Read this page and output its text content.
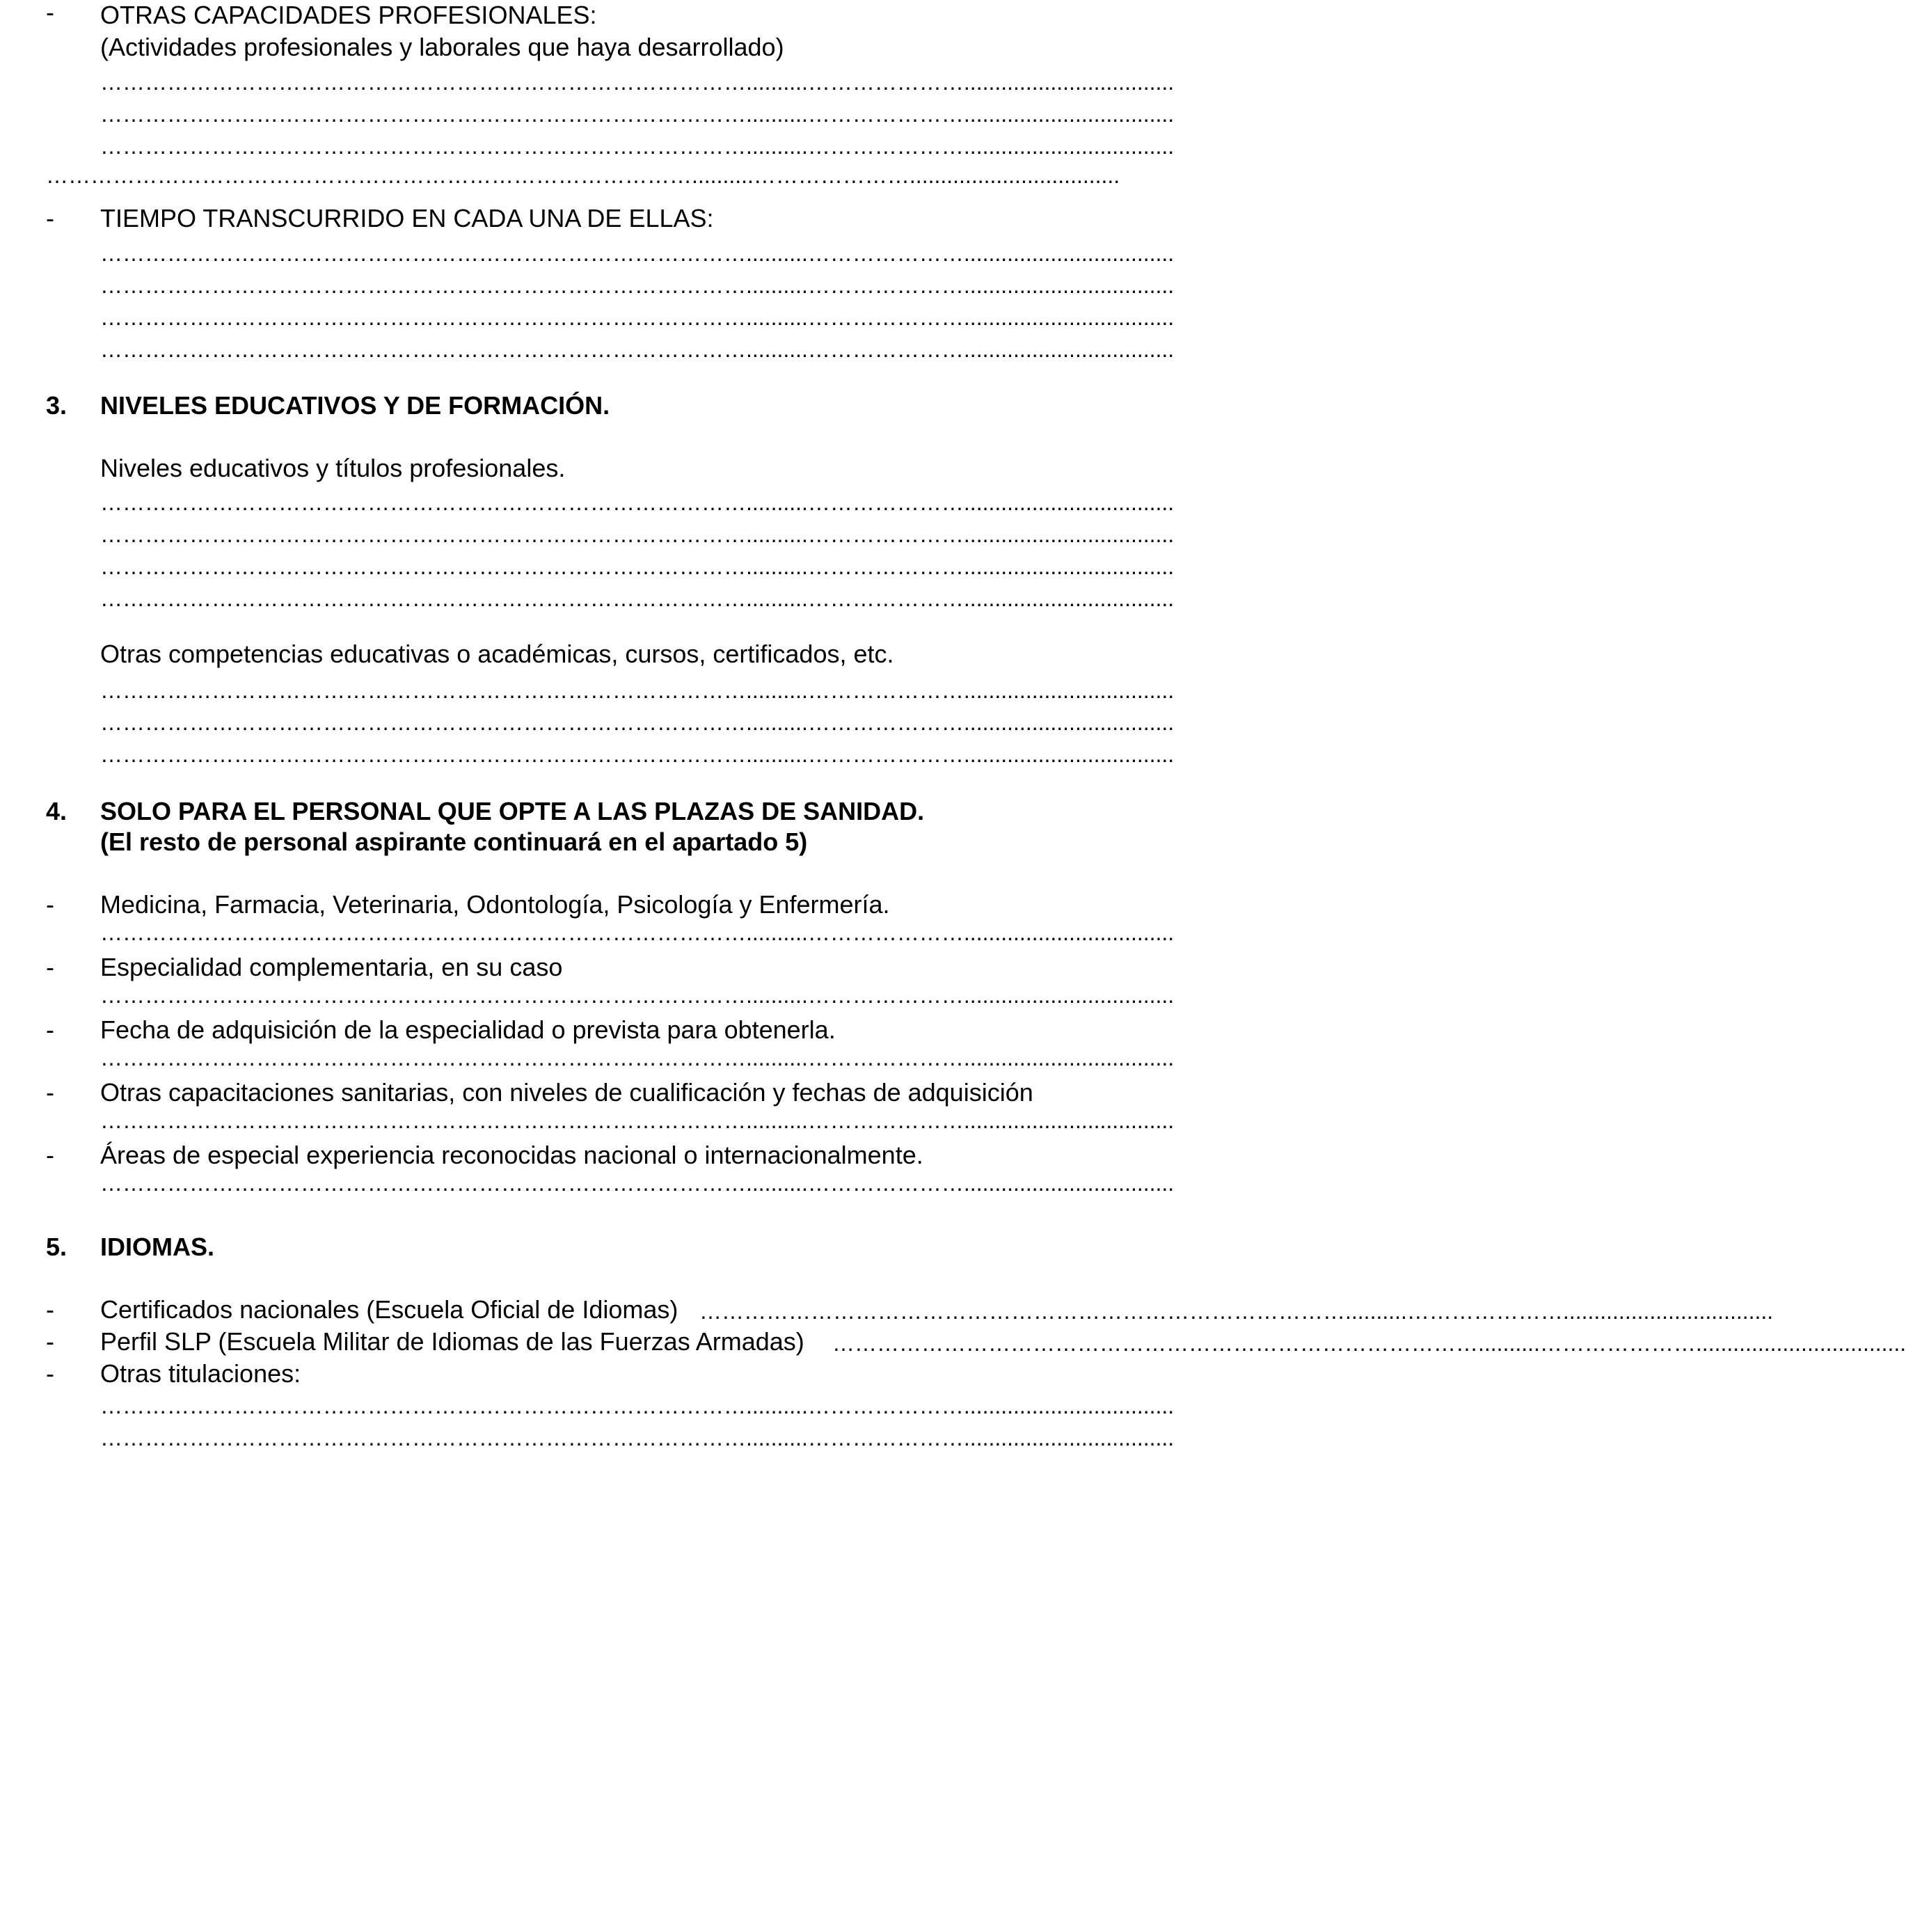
- OTRAS CAPACIDADES PROFESIONALES:
(Actividades profesionales y laborales que haya desarrollado)
……………………………………………………………………………..........…………………..................................
……………………………………………………………………………..........…………………..................................
……………………………………………………………………………..........…………………..................................
……………………………………………………………………………..........…………………..................................
- TIEMPO TRANSCURRIDO EN CADA UNA DE ELLAS:
……………………………………………………………………………..........…………………..................................
……………………………………………………………………………..........…………………..................................
……………………………………………………………………………..........…………………..................................
……………………………………………………………………………..........…………………..................................
3. NIVELES EDUCATIVOS Y DE FORMACIÓN.
Niveles educativos y títulos profesionales.
……………………………………………………………………………..........…………………..................................
……………………………………………………………………………..........…………………..................................
……………………………………………………………………………..........…………………..................................
……………………………………………………………………………..........…………………..................................
Otras competencias educativas o académicas, cursos, certificados, etc.
……………………………………………………………………………..........…………………..................................
……………………………………………………………………………..........…………………..................................
……………………………………………………………………………..........…………………..................................
4. SOLO PARA EL PERSONAL QUE OPTE A LAS PLAZAS DE SANIDAD.
(El resto de personal aspirante continuará en el apartado 5)
- Medicina, Farmacia, Veterinaria, Odontología, Psicología y Enfermería.
……………………………………………………………………………..........…………………..................................
- Especialidad complementaria, en su caso
……………………………………………………………………………..........…………………..................................
- Fecha de adquisición de la especialidad o prevista para obtenerla.
……………………………………………………………………………..........…………………..................................
- Otras capacitaciones sanitarias, con niveles de cualificación y fechas de adquisición
……………………………………………………………………………..........…………………..................................
- Áreas de especial experiencia reconocidas nacional o internacionalmente.
……………………………………………………………………………..........…………………..................................
5. IDIOMAS.
- Certificados nacionales (Escuela Oficial de Idiomas) ……………………………………………………………………………..........…………………..................................
- Perfil SLP (Escuela Militar de Idiomas de las Fuerzas Armadas) ……………………………………………………………………………..........…………………..................................
- Otras titulaciones:
……………………………………………………………………………..........…………………..................................
……………………………………………………………………………..........…………………..................................
